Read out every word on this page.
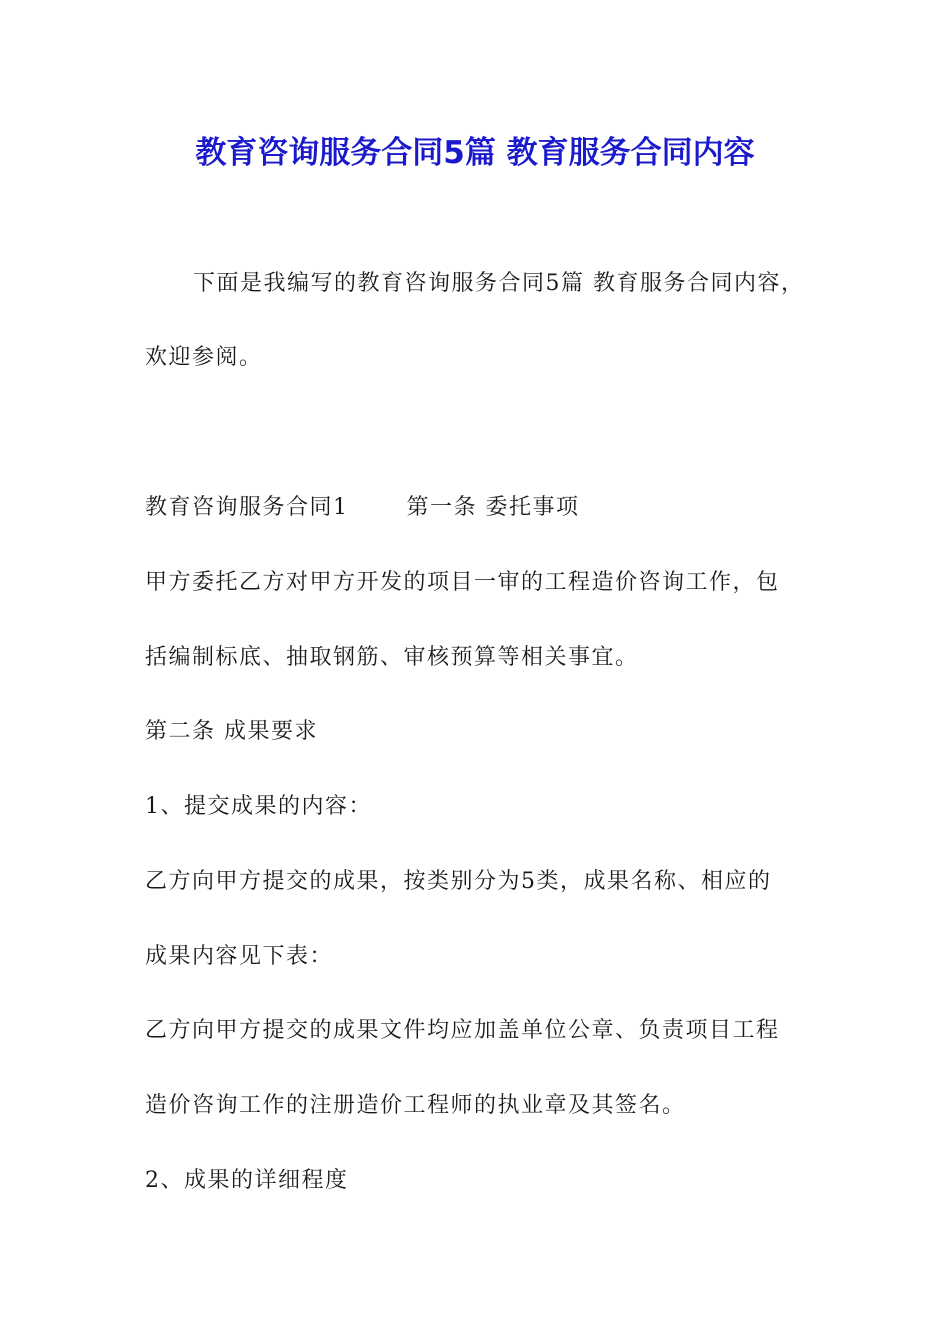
教育咨询服务合同5篇 教育服务合同内容
下面是我编写的教育咨询服务合同5篇 教育服务合同内容，
欢迎参阅。
教育咨询服务合同1	第一条 委托事项
甲方委托乙方对甲方开发的项目一审的工程造价咨询工作，包
括编制标底、抽取钢筋、审核预算等相关事宜。
第二条 成果要求
1、提交成果的内容：
乙方向甲方提交的成果，按类别分为5类，成果名称、相应的
成果内容见下表：
乙方向甲方提交的成果文件均应加盖单位公章、负责项目工程
造价咨询工作的注册造价工程师的执业章及其签名。
2、成果的详细程度
